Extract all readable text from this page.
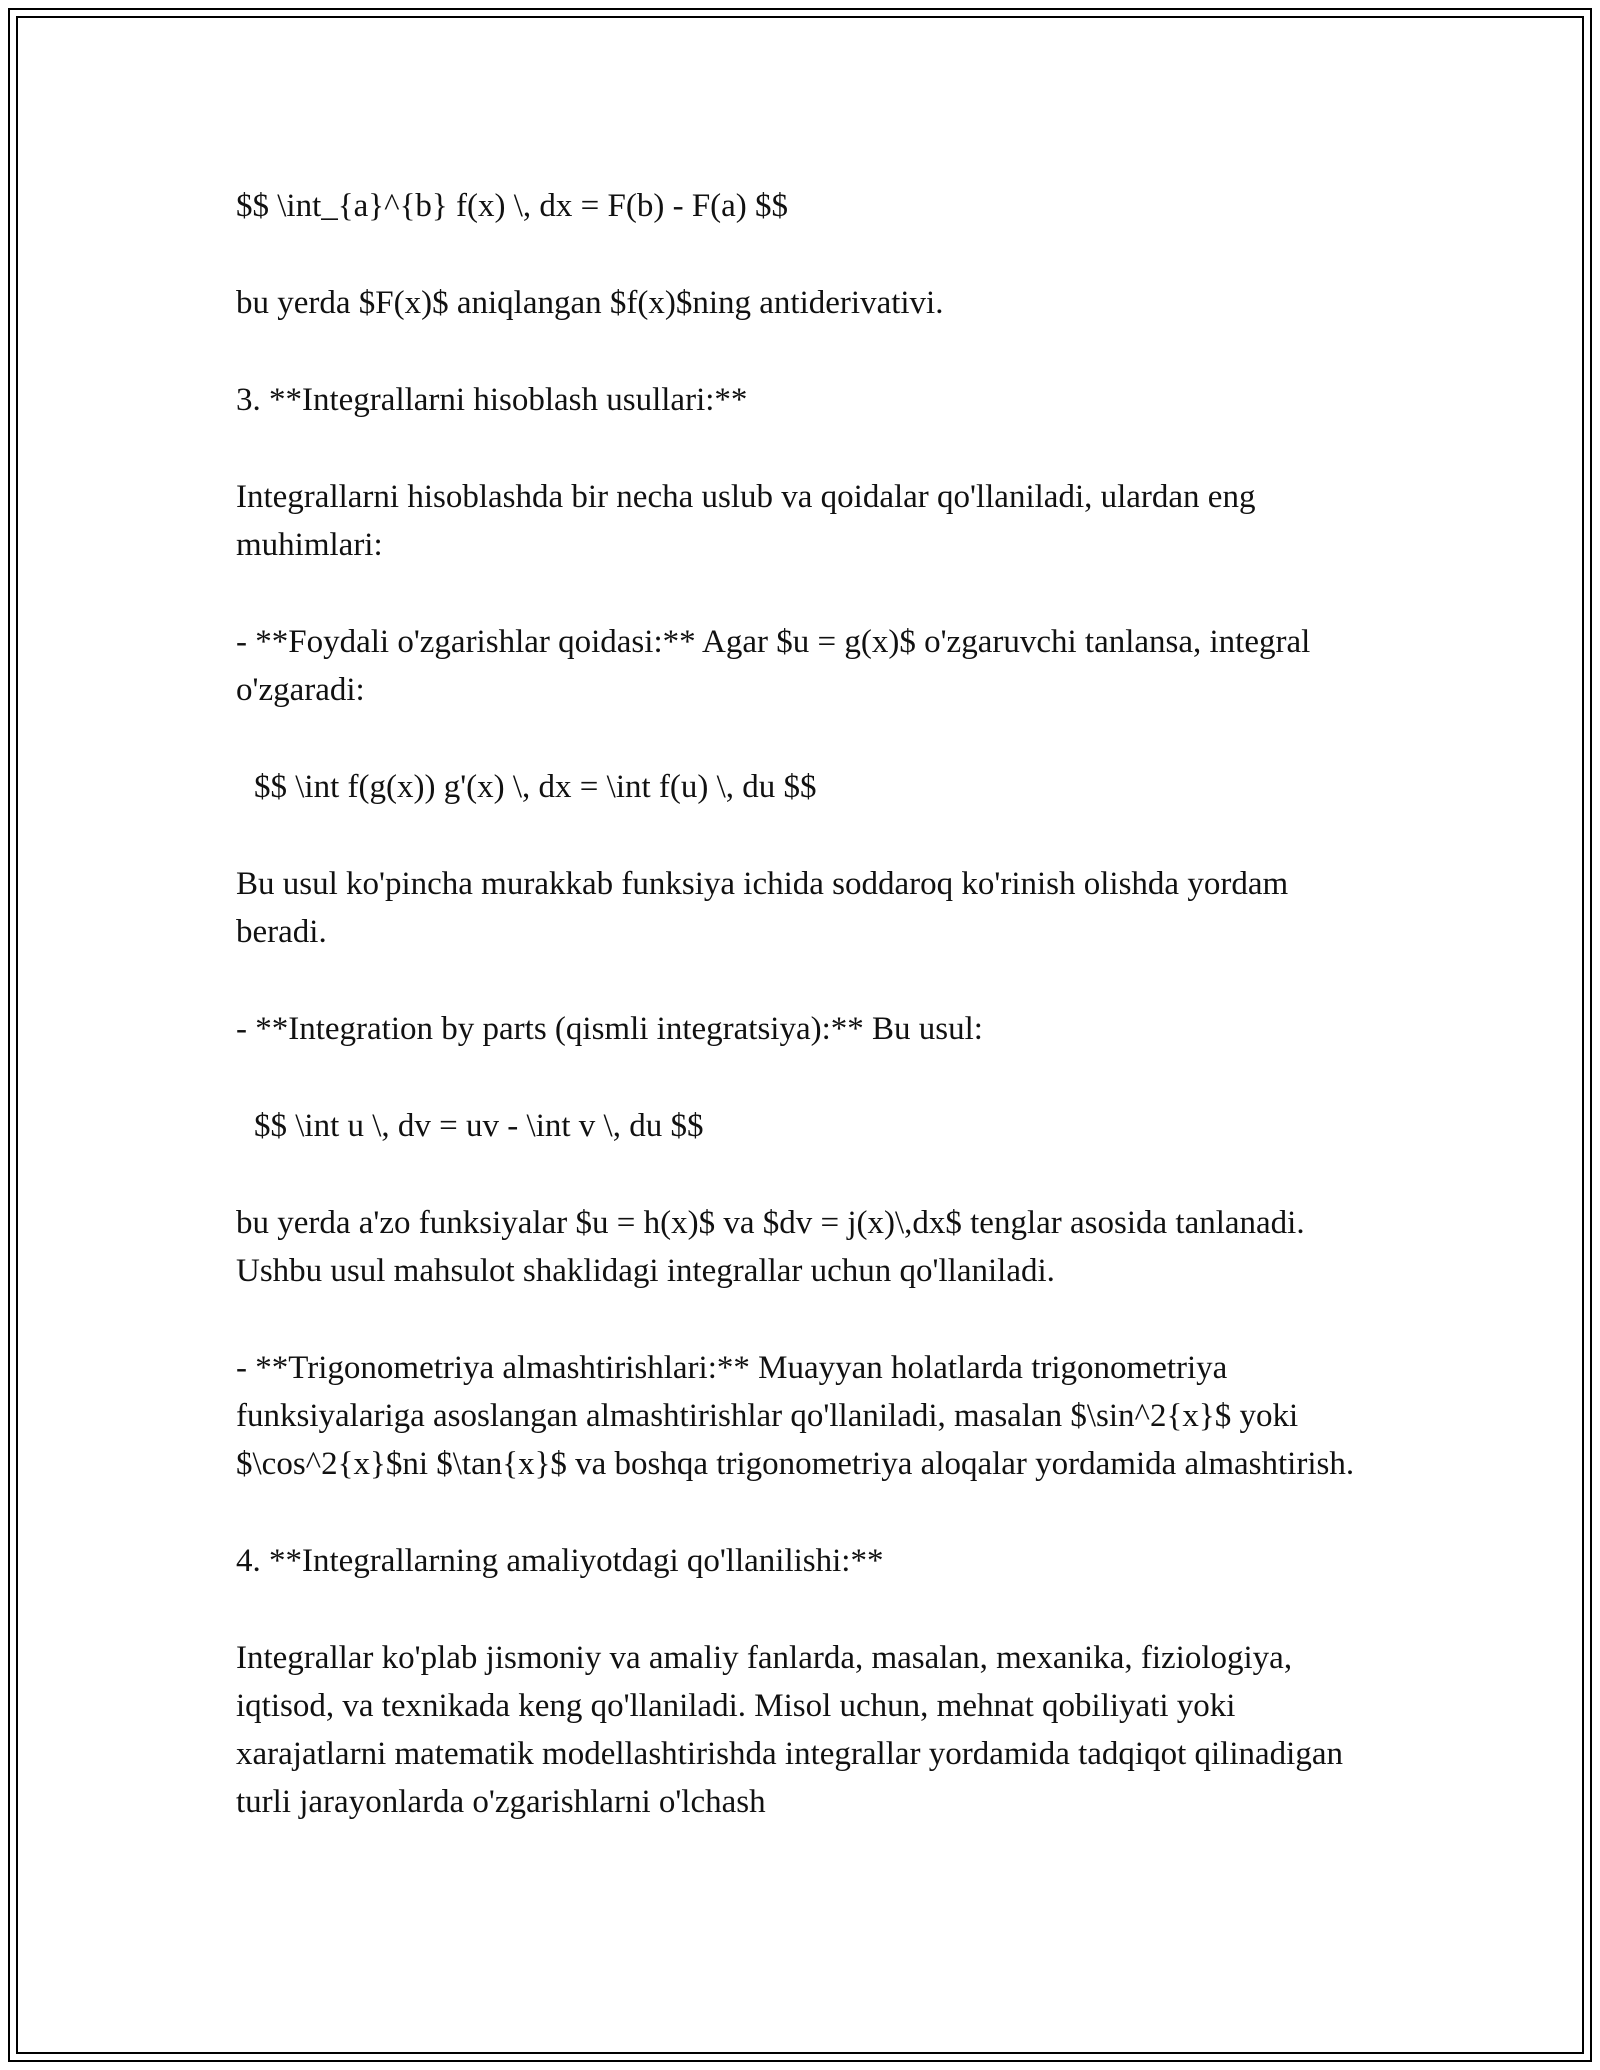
$$ \int_{a}^{b} f(x) \, dx = F(b) - F(a) $$

bu yerda $F(x)$ aniqlangan $f(x)$ning antiderivativi.

3. **Integrallarni hisoblash usullari:**

Integrallarni hisoblashda bir necha uslub va qoidalar qo'llaniladi, ulardan eng muhimlari:

- **Foydali o'zgarishlar qoidasi:** Agar $u = g(x)$ o'zgaruvchi tanlansa, integral o'zgaradi:

$$ \int f(g(x)) g'(x) \, dx = \int f(u) \, du $$

Bu usul ko'pincha murakkab funksiya ichida soddaroq ko'rinish olishda yordam beradi.

- **Integration by parts (qismli integratsiya):** Bu usul:

$$ \int u \, dv = uv - \int v \, du $$

bu yerda a'zo funksiyalar $u = h(x)$ va $dv = j(x)\,dx$ tenglar asosida tanlanadi. Ushbu usul mahsulot shaklidagi integrallar uchun qo'llaniladi.

- **Trigonometriya almashtirishlari:** Muayyan holatlarda trigonometriya funksiyalariga asoslangan almashtirishlar qo'llaniladi, masalan $\sin^2{x}$ yoki $\cos^2{x}$ni $\tan{x}$ va boshqa trigonometriya aloqalar yordamida almashtirish.

4. **Integrallarning amaliyotdagi qo'llanilishi:**

Integrallar ko'plab jismoniy va amaliy fanlarda, masalan, mexanika, fiziologiya, iqtisod, va texnikada keng qo'llaniladi. Misol uchun, mehnat qobiliyati yoki xarajatlarni matematik modellashtirishda integrallar yordamida tadqiqot qilinadigan turli jarayonlarda o'zgarishlarni o'lchash
